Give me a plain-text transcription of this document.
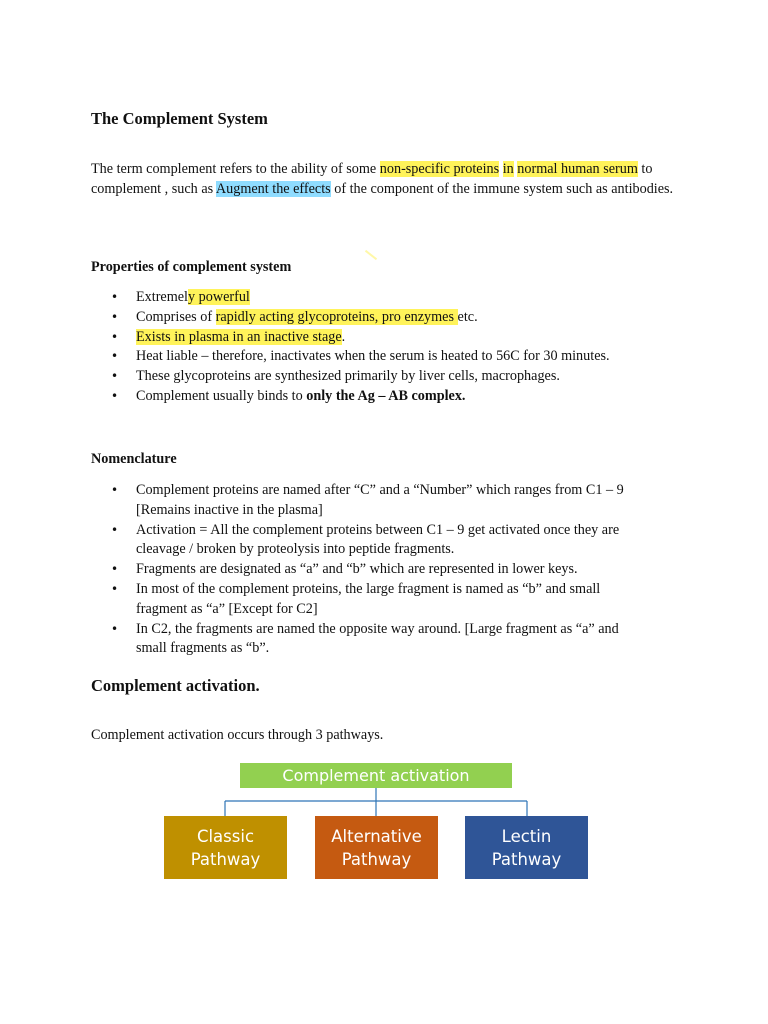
The Complement System
The term complement refers to the ability of some non-specific proteins in normal human serum to complement , such as Augment the effects of the component of the immune system such as antibodies.
Properties of complement system
• Extremely powerful
• Comprises of rapidly acting glycoproteins, pro enzymes etc.
• Exists in plasma in an inactive stage.
• Heat liable – therefore, inactivates when the serum is heated to 56C for 30 minutes.
• These glycoproteins are synthesized primarily by liver cells, macrophages.
• Complement usually binds to only the Ag – AB complex.
Nomenclature
• Complement proteins are named after “C” and a “Number” which ranges from C1 – 9 [Remains inactive in the plasma]
• Activation = All the complement proteins between C1 – 9 get activated once they are cleavage / broken by proteolysis into peptide fragments.
• Fragments are designated as “a” and “b” which are represented in lower keys.
• In most of the complement proteins, the large fragment is named as “b” and small fragment as “a” [Except for C2]
• In C2, the fragments are named the opposite way around. [Large fragment as “a” and small fragments as “b”.
Complement activation.
Complement activation occurs through 3 pathways.
Complement activation
Classic Pathway
Alternative Pathway
Lectin Pathway
